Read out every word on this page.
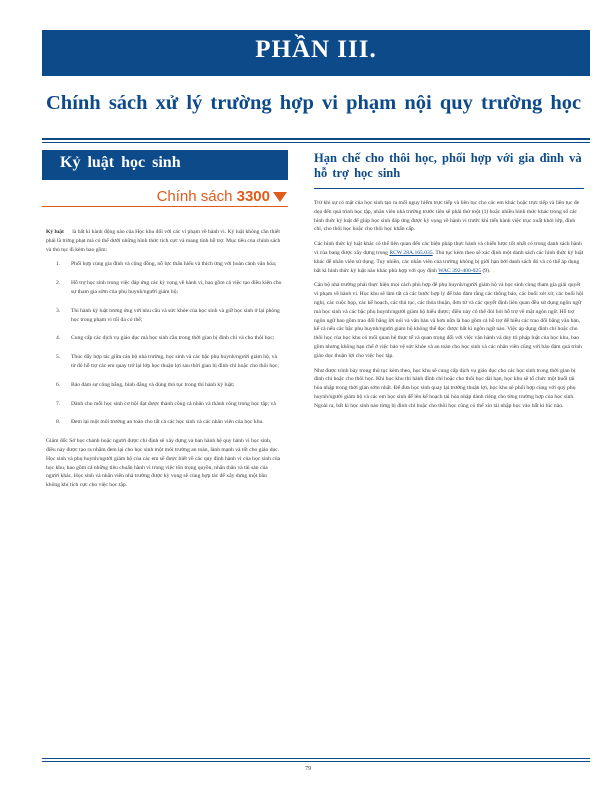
PHẦN III.
Chính sách xử lý trường hợp vi phạm nội quy trường học
Kỷ luật học sinh
Chính sách 3300

Kỷ luật là bất kì hành động nào của Học khu đối với các vi phạm về hành vi. Kỷ luật không cần thiết phải là trừng phạt mà có thể dưới những hình thức tích cực và mang tính hỗ trợ. Mục tiêu của chính sách và thủ tục đi kèm bao gồm:

1. Phối hợp cùng gia đình và cộng đồng, nỗ lực thấu hiểu và thích ứng với hoàn cảnh văn hóa;
2. Hỗ trợ học sinh trong việc đáp ứng các kỳ vọng về hành vi, bao gồm cả việc tạo điều kiện cho sự tham gia sớm của phụ huynh/người giám hộ;
3. Thi hành kỷ luật tương ứng với nhu cầu và sức khỏe của học sinh và giữ học sinh ở lại phòng học trong phạm vi tối đa có thể;
4. Cung cấp các dịch vụ giáo dục mà học sinh cần trong thời gian bị đình chỉ và cho thôi học;
5. Thúc đẩy hợp tác giữa cán bộ nhà trường, học sinh và các bậc phụ huynh/người giám hộ, và từ đó hỗ trợ các em quay trở lại lớp học thuận lợi sau thời gian bị đình chỉ hoặc cho thôi học;
6. Bảo đảm sự công bằng, bình đẳng và đúng thủ tục trong thi hành kỷ luật;
7. Dành cho mỗi học sinh cơ hội đạt được thành công cả nhân và thành công trong học tập; và
8. Đem lại một môi trường an toàn cho tất cả các học sinh và các nhân viên của học khu.

Giám đốc Sở học chánh hoặc người được chỉ định sẽ xây dựng và ban hành hệ quy hành vi học sinh, điều này được tạo ra nhằm đem lại cho học sinh một môi trường an toàn, lành mạnh và tốt cho giáo dục. Học sinh và phụ huynh/người giám hộ của các em sẽ được biết về các quy định hành vi của học sinh của học khu, bao gồm cả những tiêu chuẩn hành vi trong việc tôn trọng quyền, nhân thân và tài sản của người khác. Học sinh và nhân viên nhà trường được kỳ vọng sẽ cùng hợp tác để xây dựng một bầu không khí tích cực cho việc học tập.

Hạn chế cho thôi học, phối hợp với gia đình và hỗ trợ học sinh

Trừ khi sự có mặt của học sinh tạo ra mối nguy hiểm trực tiếp và liên tục cho các em khác hoặc trực tiếp và liên tục đe dọa đến quá trình học tập, nhân viên nhà trường trước tiên sẽ phải thử một (1) hoặc nhiều hình thức khác trong số các hình thức kỷ luật để giúp học sinh đáp ứng được kỳ vọng về hành vi trước khi tiến hành việc trục xuất khỏi lớp, đình chỉ, cho thôi học hoặc cho thôi học khẩn cấp.

Các hình thức kỷ luật khác có thể liên quan đến các biện pháp thực hành và chiến lược tốt nhất có trong danh sách hành vi của bang được xây dựng trong RCW 28A.165.035. Thủ tục kèm theo sẽ xác định một danh sách các hình thức kỷ luật khác để nhân viên sử dụng. Tuy nhiên, các nhân viên của trường không bị giới hạn bởi danh sách đó và có thể áp dụng bất kì hình thức kỷ luật nào khác phù hợp với quy định WAC 392-400-025 (9).

Cán bộ nhà trường phải thực hiện mọi cách phù hợp để phụ huynh/người giám hộ và học sinh cùng tham gia giải quyết vi phạm về hành vi. Học khu sẽ làm tất cả các bước hợp lý để bảo đảm rằng các thông báo, các buổi xét xử, các buổi hội nghị, các cuộc họp, các kế hoạch, các thủ tục, các thỏa thuận, đơn từ và các quyết định liên quan đều sử dụng ngôn ngữ mà học sinh và các bậc phụ huynh/người giám hộ hiểu được; điều này có thể đòi hỏi hỗ trợ về mặt ngôn ngữ. Hỗ trợ ngôn ngữ bao gồm trao đổi bằng lời nói và văn bản và hơn nữa là bao gồm cả hỗ trợ để hiểu các trao đổi bằng văn bản, kể cả nếu các bậc phụ huynh/người giám hộ không thể đọc được bất kì ngôn ngữ nào. Việc áp dụng đình chỉ hoặc cho thôi học của học khu có mối quan hệ thực tế và quan trọng đối với việc vận hành và duy trì pháp luật của học khu, bao gồm nhưng không hạn chế ở việc bảo vệ sức khỏe và an toàn cho học sinh và các nhân viên cũng với bảo đảm quá trình giáo dục thuận lợi cho việc học tập.

Như được trình bày trong thủ tục kèm theo, học khu sẽ cung cấp dịch vụ giáo dục cho các học sinh trong thời gian bị đình chỉ hoặc cho thôi học. Khi học khu thi hành đình chỉ hoặc cho thôi học dài hạn, học khu sẽ tổ chức một buổi tái hòa nhập trong thời gian sớm nhất. Để đưa học sinh quay lại trường thuận lợi, học khu sẽ phối hợp cùng với quý phụ huynh/người giám hộ và các em học sinh để lên kế hoạch tái hòa nhập dành riêng cho từng trường hợp của học sinh. Ngoài ra, bất kì học sinh nào từng bị đình chỉ hoặc cho thôi học cũng có thể xin tái nhập học vào bất kì lúc nào.

79
